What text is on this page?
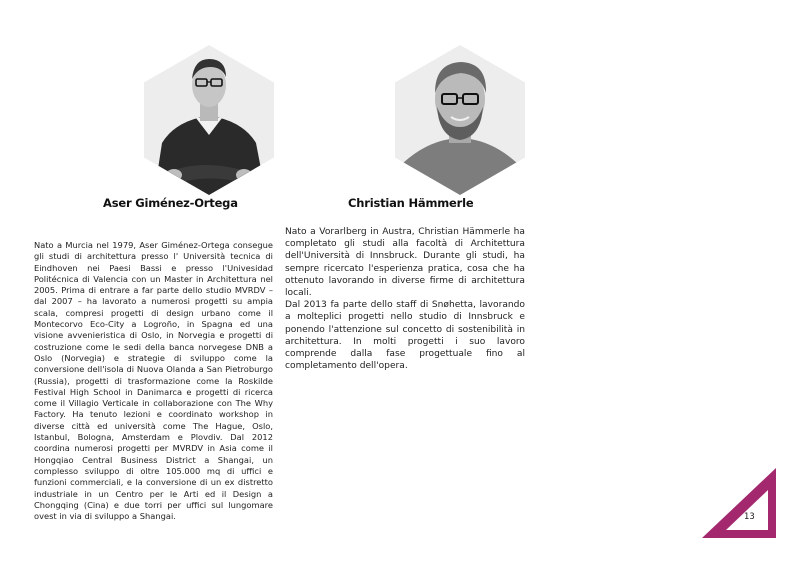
Aser Giménez-Ortega

Nato a Murcia nel 1979, Aser Giménez-Ortega consegue gli studi di architettura presso l' Università tecnica di Eindhoven nei Paesi Bassi e presso l'Univesidad Politécnica di Valencia con un Master in Architettura nel 2005. Prima di entrare a far parte dello studio MVRDV – dal 2007 – ha lavorato a numerosi progetti su ampia scala, compresi progetti di design urbano come il Montecorvo Eco-City a Logroño, in Spagna ed una visione avvenieristica di Oslo, in Norvegia e progetti di costruzione come le sedi della banca norvegese DNB a Oslo (Norvegia) e strategie di sviluppo come la conversione dell'isola di Nuova Olanda a San Pietroburgo (Russia), progetti di trasformazione come la Roskilde Festival High School in Danimarca e progetti di ricerca come il Villagio Verticale in collaborazione con The Why Factory. Ha tenuto lezioni e coordinato workshop in diverse città ed università come The Hague, Oslo, Istanbul, Bologna, Amsterdam e Plovdiv. Dal 2012 coordina numerosi progetti per MVRDV in Asia come il Hongqiao Central Business District a Shangai, un complesso sviluppo di oltre 105.000 mq di uffici e funzioni commerciali, e la conversione di un ex distretto industriale in un Centro per le Arti ed il Design a Chongqing (Cina) e due torri per uffici sul lungomare ovest in via di sviluppo a Shangai.

Christian Hämmerle

Nato a Vorarlberg in Austra, Christian Hämmerle ha completato gli studi alla facoltà di Architettura dell'Università di Innsbruck. Durante gli studi, ha sempre ricercato l'esperienza pratica, cosa che ha ottenuto lavorando in diverse firme di architettura locali.

Dal 2013 fa parte dello staff di Snøhetta, lavorando a molteplici progetti nello studio di Innsbruck e ponendo l'attenzione sul concetto di sostenibilità in architettura. In molti progetti i suo lavoro comprende dalla fase progettuale fino al completamento dell'opera.

13
